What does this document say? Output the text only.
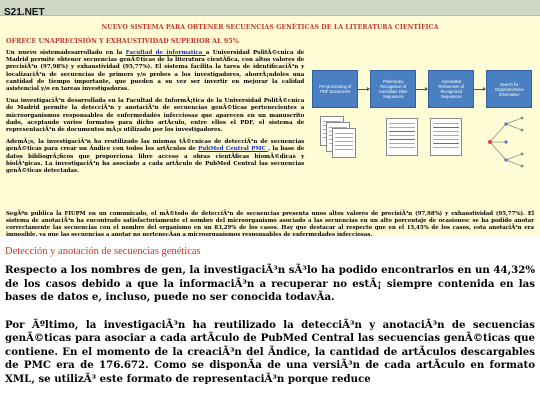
S21.NET
NUEVO SISTEMA PARA OBTENER SECUENCIAS GENÉTICAS DE LA LITERATURA CIENTÍFICA
OFRECE UNAPRECISIÓN Y EXHAUSTIVIDAD SUPERIOR AL 95%

Un nuevo sistemadesarrollado en la Facultad de informatica a Universidad PolitÃ©cnica de Madrid permite obtener secuencias genÃ©ticas de la literatura cientÃfica, con altos valores de precisiÃ³n (97,98%) y exhaustividad (95,77%). El sistema facilita la tarea de identificaciÃ³n y localizaciÃ³n de secuencias de primers y/o probes a los investigadores, ahorrÃ¡ndoles una cantidad de tiempo importante, que pueden a su vez ser invertir en mejorar la calidad asistencial y/o en tareas investigadoras.

Una investigaciÃ³n desarrollada en la Facultad de InformÃ¡tica de la Universidad PolitÃ©cnica de Madrid permite la detecciÃ³n y anotaciÃ³n de secuencias genÃ©ticas pertenecientes a microorganismos responsables de enfermedades infecciosas que aparecen en un manuscrito dado, aceptando varios formatos para dicho artÃculo, entre ellos el PDF, el sistema de representaciÃ³n de documentos mÃ¡s utilizado por los investigadores.

AdemÃ¡s, la investigaciÃ³n ha reutilizado las mismas tÃ©cnicas de detecciÃ³n de secuencias genÃ©ticas para crear un Ãndice con todos los artÃculos de PubMed Central PMC , la base de datos bibliogrÃ¡ficos que proporciona libre acceso a obras cientÃficas biomÃ©dicas y biolÃ³gicas. La investigaciÃ³n ha asociado a cada artÃculo de PubMed Central las secuencias genÃ©ticas detectadas.

Pre-processing of PDF Documents
Preliminary Recognition of Candidate DNA Sequences
Automated Refinement of Recognized Sequences
Search for Organism/Gene Information

SegÃºn publica la FIUPM en un comunicado, el mÃ©todo de detecciÃ³n de secuencias presenta unos altos valores de precisiÃ³n (97,98%) y exhaustividad (95,77%). El sistema de anotaciÃ³n ha encontrado satisfactoriamente el nombre del microorganismo asociado a las secuencias en un alto porcentaje de ocasiones: se ha podido anotar correctamente las secuencias con el nombre del organismo en un 83,29% de los casos. Hay que destacar al respecto que en el 15,45% de los casos, esta anotaciÃ³n era imposible, ya que las secuencias a anotar no pertenecÃan a microorganismos responsables de enfermedades infecciosas.

Detección y anotación de secuencias genéticas

Respecto a los nombres de gen, la investigaciÃ³n sÃ³lo ha podido encontrarlos en un 44,32% de los casos debido a que la informaciÃ³n a recuperar no estÃ¡ siempre contenida en las bases de datos e, incluso, puede no ser conocida todavÃa.

Por Ãºltimo, la investigaciÃ³n ha reutilizado la detecciÃ³n y anotaciÃ³n de secuencias genÃ©ticas para asociar a cada artÃculo de PubMed Central las secuencias genÃ©ticas que contiene. En el momento de la creaciÃ³n del Ãndice, la cantidad de artÃculos descargables de PMC era de 176.672. Como se disponÃa de una versiÃ³n de cada artÃculo en formato XML, se utilizÃ³ este formato de representaciÃ³n porque reduce
